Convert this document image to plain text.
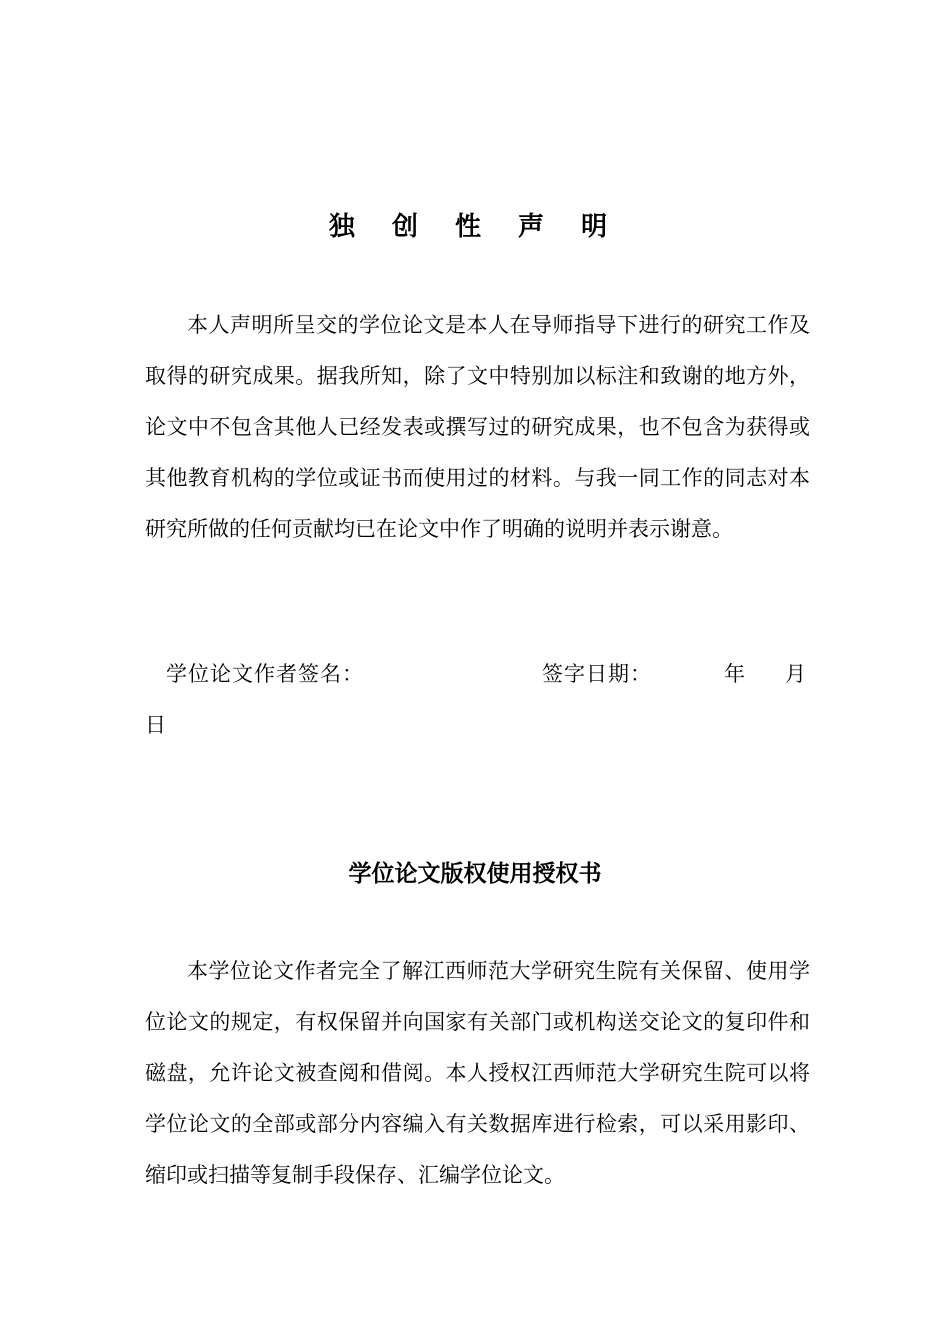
独 创 性 声 明

本人声明所呈交的学位论文是本人在导师指导下进行的研究工作及取得的研究成果。据我所知，除了文中特别加以标注和致谢的地方外，论文中不包含其他人已经发表或撰写过的研究成果，也不包含为获得或其他教育机构的学位或证书而使用过的材料。与我一同工作的同志对本研究所做的任何贡献均已在论文中作了明确的说明并表示谢意。

学位论文作者签名：	签字日期：	年 月
日
学位论文版权使用授权书

本学位论文作者完全了解江西师范大学研究生院有关保留、使用学位论文的规定，有权保留并向国家有关部门或机构送交论文的复印件和磁盘，允许论文被查阅和借阅。本人授权江西师范大学研究生院可以将学位论文的全部或部分内容编入有关数据库进行检索，可以采用影印、缩印或扫描等复制手段保存、汇编学位论文。
